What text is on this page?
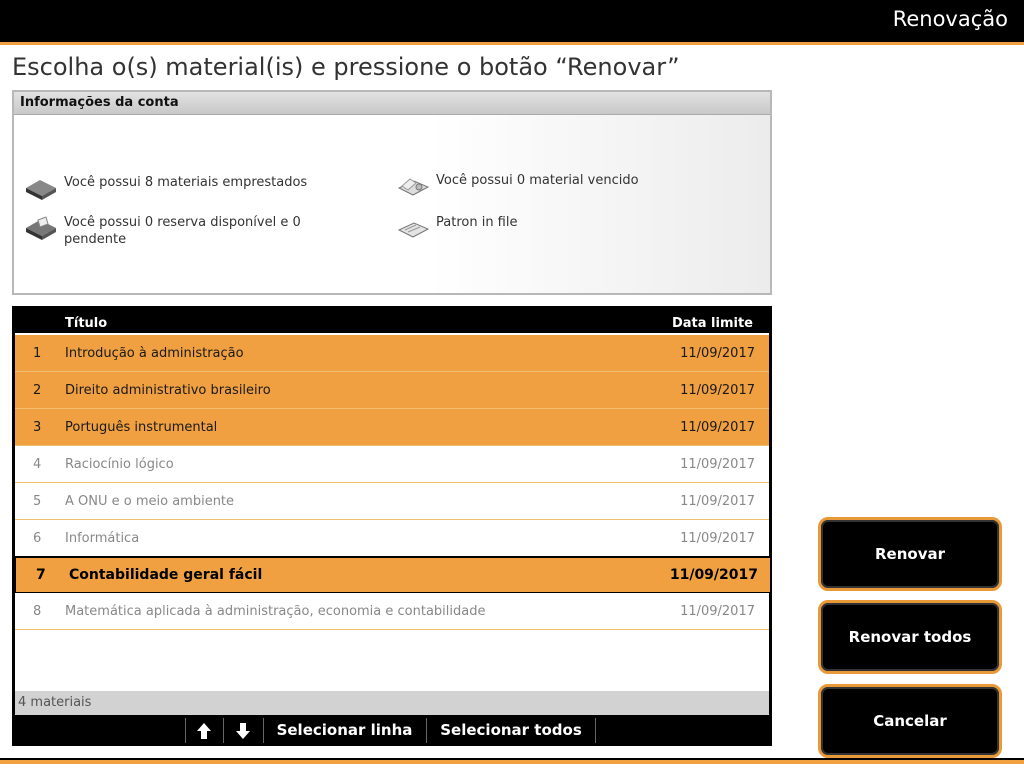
Renovação
Escolha o(s) material(is) e pressione o botão “Renovar”
Informações da conta
Você possui 8 materiais emprestados	Você possui 0 material vencido
Você possui 0 reserva disponível e 0 pendente
Patron in file
Título	Data limite
1 Introdução à administração	11/09/2017
2 Direito administrativo brasileiro	11/09/2017
3 Português instrumental	11/09/2017
4 Raciocínio lógico	11/09/2017
5 A ONU e o meio ambiente	11/09/2017
6 Informática	11/09/2017
7 Contabilidade geral fácil	11/09/2017
8 Matemática aplicada à administração, economia e contabilidade	11/09/2017
4 materiais
Selecionar linha	Selecionar todos
Renovar
Renovar todos
Cancelar
